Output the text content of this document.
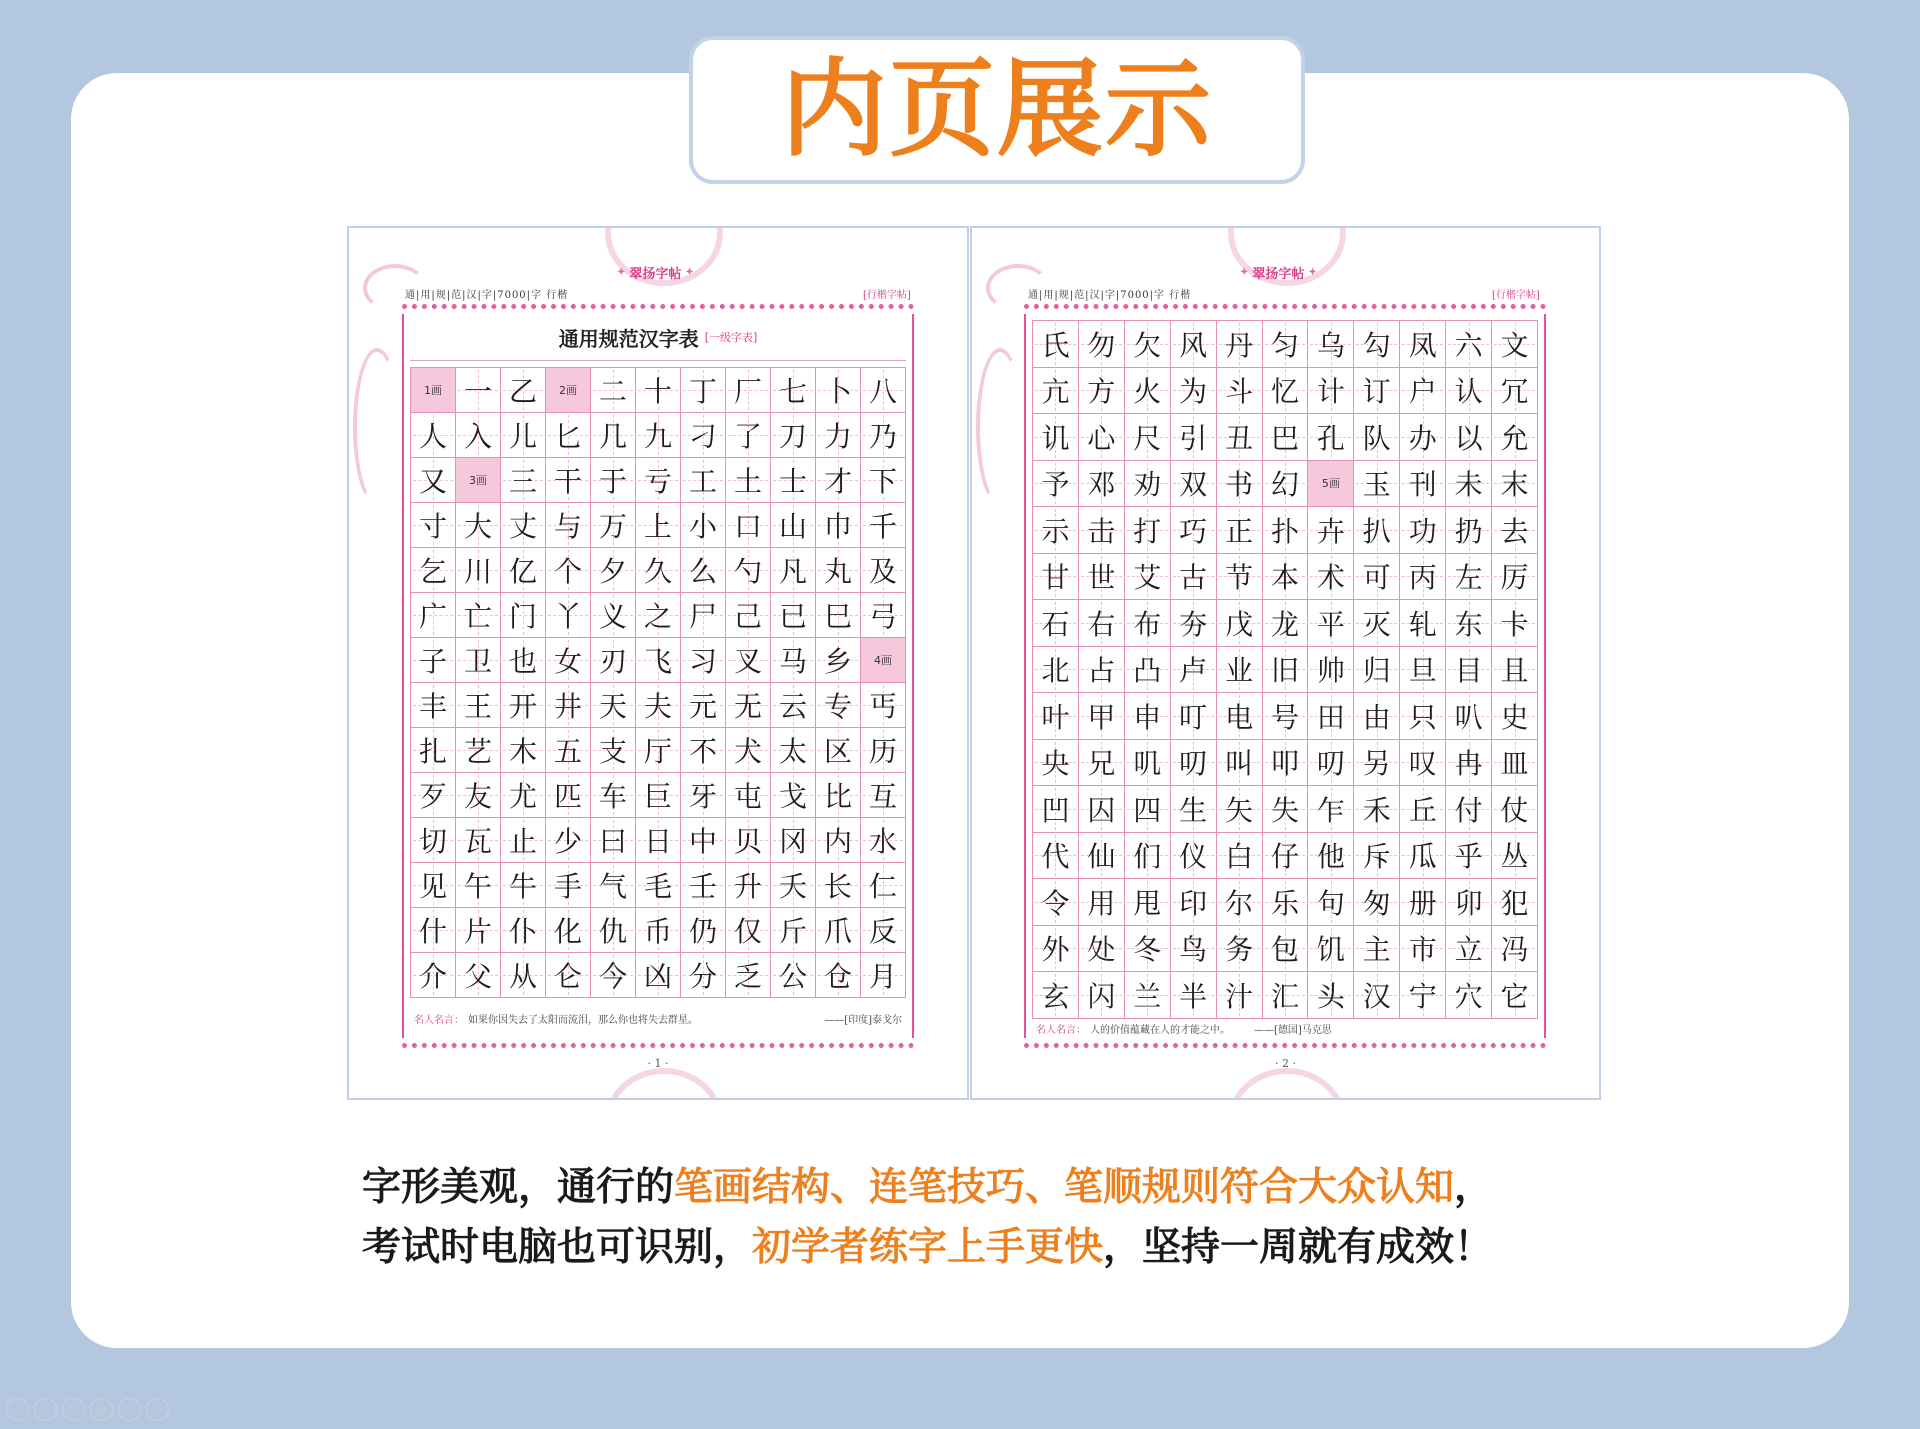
内页展示
✦ 翠扬字帖 ✦
通|用|规|范|汉|字|7000|字 行楷	[行楷字帖]
通用规范汉字表 [一级字表]
1画 一 乙 2画 二 十 丁 厂 七 卜 八
人 入 儿 匕 几 九 刁 了 刀 力 乃
又 3画 三 干 于 亏 工 土 士 才 下
寸 大 丈 与 万 上 小 口 山 巾 千
乞 川 亿 个 夕 久 么 勺 凡 丸 及
广 亡 门 丫 义 之 尸 己 已 巳 弓
子 卫 也 女 刃 飞 习 叉 马 乡 4画
丰 王 开 井 天 夫 元 无 云 专 丐
扎 艺 木 五 支 厅 不 犬 太 区 历
歹 友 尤 匹 车 巨 牙 屯 戈 比 互
切 瓦 止 少 曰 日 中 贝 冈 内 水
见 午 牛 手 气 毛 壬 升 夭 长 仁
什 片 仆 化 仇 币 仍 仅 斤 爪 反
介 父 从 仑 今 凶 分 乏 公 仓 月
名人名言： 如果你因失去了太阳而流泪，那么你也将失去群星。	——[印度]泰戈尔
· 1 ·
✦ 翠扬字帖 ✦
通|用|规|范|汉|字|7000|字 行楷	[行楷字帖]
氏 勿 欠 风 丹 匀 乌 勾 凤 六 文
亢 方 火 为 斗 忆 计 订 户 认 冗
讥 心 尺 引 丑 巴 孔 队 办 以 允
予 邓 劝 双 书 幻 5画 玉 刊 未 末
示 击 打 巧 正 扑 卉 扒 功 扔 去
甘 世 艾 古 节 本 术 可 丙 左 厉
石 右 布 夯 戊 龙 平 灭 轧 东 卡
北 占 凸 卢 业 旧 帅 归 旦 目 且
叶 甲 申 叮 电 号 田 由 只 叭 史
央 兄 叽 叨 叫 叩 叨 另 叹 冉 皿
凹 囚 四 生 矢 失 乍 禾 丘 付 仗
代 仙 们 仪 白 仔 他 斥 瓜 乎 丛
令 用 甩 印 尔 乐 句 匆 册 卯 犯
外 处 冬 鸟 务 包 饥 主 市 立 冯
玄 闪 兰 半 汁 汇 头 汉 宁 穴 它
名人名言： 人的价值蕴藏在人的才能之中。 ——[德国]马克思
· 2 ·
字形美观，通行的笔画结构、连笔技巧、笔顺规则符合大众认知，
考试时电脑也可识别，初学者练字上手更快，坚持一周就有成效！
‹	›	✎	▦	⚲	⋯
